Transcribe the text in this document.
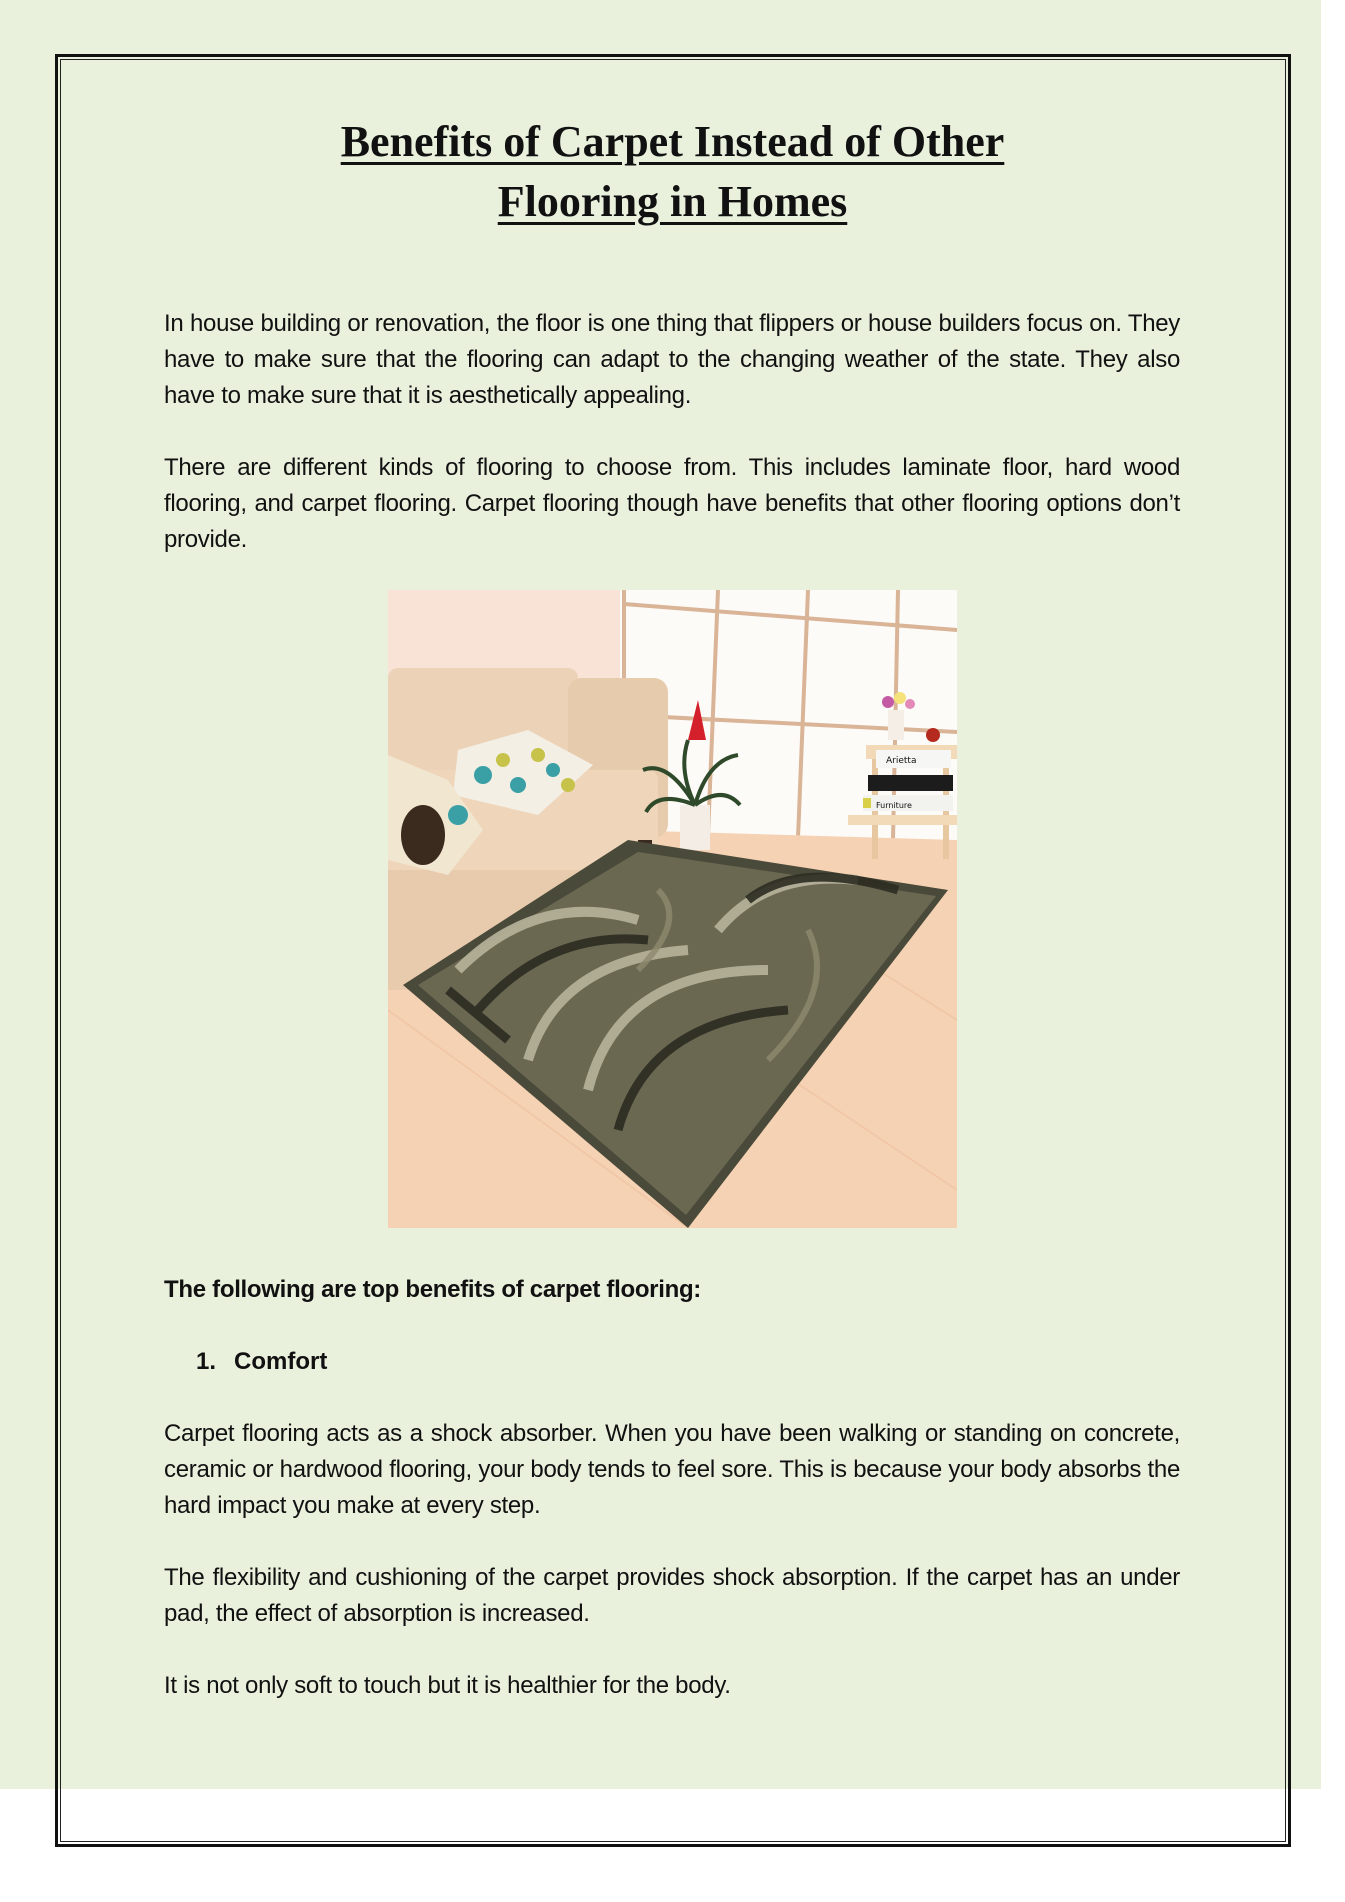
Benefits of Carpet Instead of Other
Flooring in Homes

In house building or renovation, the floor is one thing that flippers or house builders focus on. They have to make sure that the flooring can adapt to the changing weather of the state. They also have to make sure that it is aesthetically appealing.

There are different kinds of flooring to choose from. This includes laminate floor, hard wood flooring, and carpet flooring. Carpet flooring though have benefits that other flooring options don’t provide.

Arietta
Furniture

The following are top benefits of carpet flooring:

1. Comfort

Carpet flooring acts as a shock absorber. When you have been walking or standing on concrete, ceramic or hardwood flooring, your body tends to feel sore. This is because your body absorbs the hard impact you make at every step.

The flexibility and cushioning of the carpet provides shock absorption. If the carpet has an under pad, the effect of absorption is increased.

It is not only soft to touch but it is healthier for the body.
